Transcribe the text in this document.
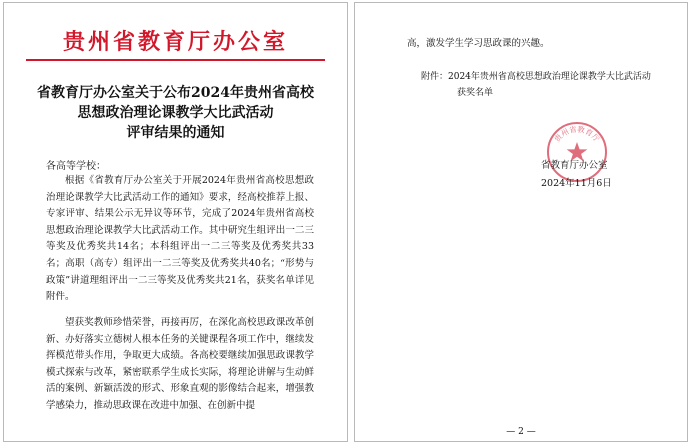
贵州省教育厅办公室
省教育厅办公室关于公布2024年贵州省高校
思想政治理论课教学大比武活动
评审结果的通知
各高等学校：
根据《省教育厅办公室关于开展2024年贵州省高校思想政治理论课教学大比武活动工作的通知》要求，经高校推荐上报、专家评审、结果公示无异议等环节，完成了2024年贵州省高校思想政治理论课教学大比武活动工作。其中研究生组评出一二三等奖及优秀奖共14名；本科组评出一二三等奖及优秀奖共33名；高职（高专）组评出一二三等奖及优秀奖共40名；“形势与政策”讲道理组评出一二三等奖及优秀奖共21名，获奖名单详见附件。
望获奖教师珍惜荣誉，再接再厉，在深化高校思政课改革创新、办好落实立德树人根本任务的关键课程各项工作中，继续发挥模范带头作用，争取更大成绩。各高校要继续加强思政课教学模式探索与改革，紧密联系学生成长实际，将理论讲解与生动鲜活的案例、新颖活泼的形式、形象直观的影像结合起来，增强教学感染力，推动思政课在改进中加强、在创新中提
高，激发学生学习思政课的兴趣。
附件：2024年贵州省高校思想政治理论课教学大比武活动
获奖名单
贵州省教育厅
省教育厅办公室
2024年11月6日
— 2 —
